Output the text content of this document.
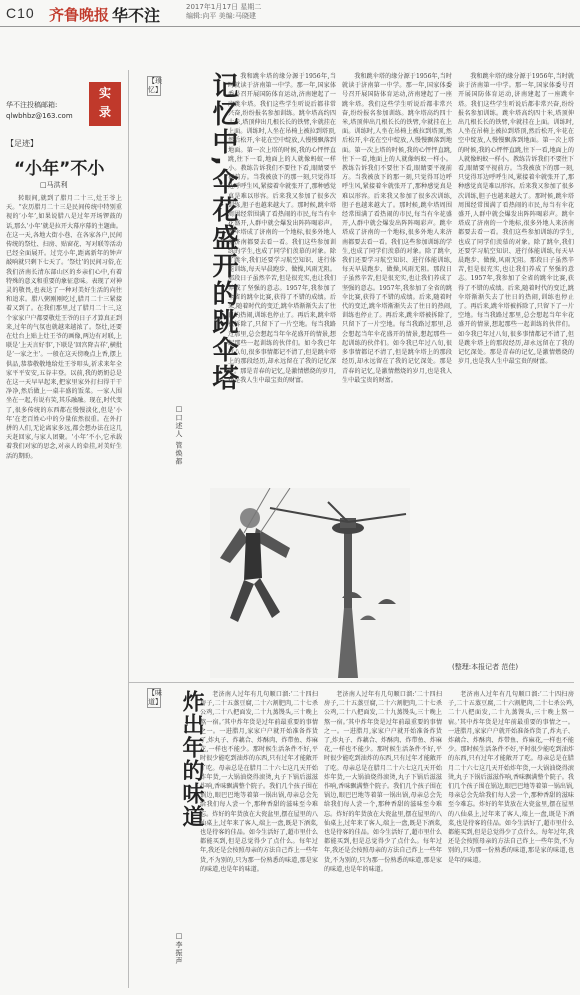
C10 齐鲁晚报 华不注	2017年1月17日 星期二
编辑:向平 美编:马晓建
实录
华不注投稿邮箱:
qlwbhbz@163.com
【足迹】
“小年”不小
□马洪利

转眼间,就到了腊月二十三,灶王爷上天。“农历腊月二十三是民间传统中特别重视的‘小年’,如果说腊八是过年开场锣鼓的话,那么‘小年’就是拉开大幕序幕的主题曲。在这一天,各地大街小巷、在各家各户,民间传统的祭灶、扫房、贴窗花、写对联等活动已经全面展开。过完小年,距离新年的钟声敲响就只剩下七天了。‘祭灶’的民间习俗,在我们济南长清东部山区的乡亲们心中,有着特殊的意义和重要的象征意味。表现了对神灵的敬畏,也表达了一种对美好生活的向往和追求。腊八粥刚刚吃过,腊月二十三紧接着又到了。在我们那里,过了腊月二十三,这个家家户户都要敬灶王爷的日子才算真正到来,过年的气氛也就越来越浓了。祭灶,还要在灶台上贴上灶王爷的画像,两边有对联,上联是‘上天言好事’,下联是‘回宫降吉祥’,横批是‘一家之主’。一般在这天傍晚点上香,摆上供品,恭恭敬敬地给灶王爷叩头,祈求来年全家平平安安,五谷丰登。以前,我的奶奶总是在这一天早早起来,把家里家外打扫得干干净净,然后做上一桌丰盛的饭菜。一家人围坐在一起,有说有笑,其乐融融。现在,时代变了,很多传统的东西都在慢慢淡化,但是‘小年’在老百姓心中的分量依然很重。在外打拼的人们,无论离家多远,都会想办法在这几天赶回家,与家人团聚。‘小年’不小,它承载着我们对家的思念,对亲人的牵挂,对美好生活的期盼。

【琐忆】	记忆中,伞花盛开的跳伞塔
□口述人 管焕都

我和跳伞塔的缘分源于1956年,当时就读于济南第一中学。那一年,国家体委号召开展国防体育运动,济南建起了一座跳伞塔。我们这些学生听说后都非常兴奋,纷纷报名参加训练。跳伞塔高约四十米,塔顶伸出几根长长的铁臂,伞就挂在上面。训练时,人坐在吊椅上被拉到塔顶,然后松开,伞花在空中绽放,人慢慢飘落到地面。第一次上塔的时候,我的心怦怦直跳,往下一看,地面上的人就像蚂蚁一样小。教练告诉我们不要往下看,眼睛要平视前方。当我被放下的那一刻,只觉得耳边呼呼生风,紧接着伞就张开了,那种感觉真是难以形容。后来我又参加了很多次训练,胆子也越来越大了。那时候,跳伞塔周围经常围满了看热闹的市民,每当有伞花盛开,人群中就会爆发出阵阵喝彩声。跳伞塔成了济南的一个地标,很多外地人来济南都要去看一看。我们这些参加训练的学生,也成了同学们羡慕的对象。除了跳伞,我们还要学习航空知识、进行体能训练,每天早晨跑步、做操,风雨无阻。那段日子虽然辛苦,但是很充实,也让我们养成了坚强的意志。1957年,我参加了全省的跳伞比赛,获得了不错的成绩。后来,随着时代的变迁,跳伞塔渐渐失去了往日的热闹,训练也停止了。再后来,跳伞塔被拆除了,只留下了一片空地。每当我路过那里,总会想起当年伞花盛开的情景,想起那些一起训练的伙伴们。如今我已年过八旬,很多事情都记不清了,但是跳伞塔上的那段经历,却永远留在了我的记忆深处。那是青春的记忆,是激情燃烧的岁月,也是我人生中最宝贵的财富。

我和跳伞塔的缘分源于1956年,当时就读于济南第一中学。那一年,国家体委号召开展国防体育运动,济南建起了一座跳伞塔。我们这些学生听说后都非常兴奋,纷纷报名参加训练。跳伞塔高约四十米,塔顶伸出几根长长的铁臂,伞就挂在上面。训练时,人坐在吊椅上被拉到塔顶,然后松开,伞花在空中绽放,人慢慢飘落到地面。第一次上塔的时候,我的心怦怦直跳,往下一看,地面上的人就像蚂蚁一样小。教练告诉我们不要往下看,眼睛要平视前方。当我被放下的那一刻,只觉得耳边呼呼生风,紧接着伞就张开了,那种感觉真是难以形容。后来我又参加了很多次训练,胆子也越来越大了。那时候,跳伞塔周围经常围满了看热闹的市民,每当有伞花盛开,人群中就会爆发出阵阵喝彩声。跳伞塔成了济南的一个地标,很多外地人来济南都要去看一看。我们这些参加训练的学生,也成了同学们羡慕的对象。除了跳伞,我们还要学习航空知识、进行体能训练,每天早晨跑步、做操,风雨无阻。那段日子虽然辛苦,但是很充实,也让我们养成了坚强的意志。1957年,我参加了全省的跳伞比赛,获得了不错的成绩。后来,随着时代的变迁,跳伞塔渐渐失去了往日的热闹,训练也停止了。再后来,跳伞塔被拆除了,只留下了一片空地。每当我路过那里,总会想起当年伞花盛开的情景,想起那些一起训练的伙伴们。如今我已年过八旬,很多事情都记不清了,但是跳伞塔上的那段经历,却永远留在了我的记忆深处。那是青春的记忆,是激情燃烧的岁月,也是我人生中最宝贵的财富。

我和跳伞塔的缘分源于1956年,当时就读于济南第一中学。那一年,国家体委号召开展国防体育运动,济南建起了一座跳伞塔。我们这些学生听说后都非常兴奋,纷纷报名参加训练。跳伞塔高约四十米,塔顶伸出几根长长的铁臂,伞就挂在上面。训练时,人坐在吊椅上被拉到塔顶,然后松开,伞花在空中绽放,人慢慢飘落到地面。第一次上塔的时候,我的心怦怦直跳,往下一看,地面上的人就像蚂蚁一样小。教练告诉我们不要往下看,眼睛要平视前方。当我被放下的那一刻,只觉得耳边呼呼生风,紧接着伞就张开了,那种感觉真是难以形容。后来我又参加了很多次训练,胆子也越来越大了。那时候,跳伞塔周围经常围满了看热闹的市民,每当有伞花盛开,人群中就会爆发出阵阵喝彩声。跳伞塔成了济南的一个地标,很多外地人来济南都要去看一看。我们这些参加训练的学生,也成了同学们羡慕的对象。除了跳伞,我们还要学习航空知识、进行体能训练,每天早晨跑步、做操,风雨无阻。那段日子虽然辛苦,但是很充实,也让我们养成了坚强的意志。1957年,我参加了全省的跳伞比赛,获得了不错的成绩。后来,随着时代的变迁,跳伞塔渐渐失去了往日的热闹,训练也停止了。再后来,跳伞塔被拆除了,只留下了一片空地。每当我路过那里,总会想起当年伞花盛开的情景,想起那些一起训练的伙伴们。如今我已年过八旬,很多事情都记不清了,但是跳伞塔上的那段经历,却永远留在了我的记忆深处。那是青春的记忆,是激情燃烧的岁月,也是我人生中最宝贵的财富。

(整理:本报记者 范佳)
【味道】 炸出年的味道
□李振声

老济南人过年有几句顺口溜:‘二十四扫房子,二十五蒸豆腐,二十六割肥肉,二十七杀公鸡,二十八把面发,二十九蒸馒头,三十晚上熬一宿。’其中炸年货是过年前最重要的事情之一。一进腊月,家家户户就开始准备炸货了,炸丸子、炸藕合、炸酥肉、炸带鱼、炸麻花,一样也不能少。那时候生活条件不好,平时很少能吃到油炸的东西,只有过年才能敞开了吃。母亲总是在腊月二十六七这几天开始炸年货,一大锅油烧得滚烫,丸子下锅后滋滋作响,香味飘满整个院子。我们几个孩子围在锅边,眼巴巴地等着第一锅出锅,母亲总会先给我们每人尝一个,那种香甜的滋味至今难忘。炸好的年货放在大瓷盆里,摆在屋里的八仙桌上,过年来了客人,端上一盘,既是下酒菜,也是待客的佳品。如今生活好了,超市里什么都能买到,但是总觉得少了点什么。每年过年,我还是会按照母亲的方法自己炸上一些年货,不为别的,只为那一份熟悉的味道,那是家的味道,也是年的味道。

老济南人过年有几句顺口溜:‘二十四扫房子,二十五蒸豆腐,二十六割肥肉,二十七杀公鸡,二十八把面发,二十九蒸馒头,三十晚上熬一宿。’其中炸年货是过年前最重要的事情之一。一进腊月,家家户户就开始准备炸货了,炸丸子、炸藕合、炸酥肉、炸带鱼、炸麻花,一样也不能少。那时候生活条件不好,平时很少能吃到油炸的东西,只有过年才能敞开了吃。母亲总是在腊月二十六七这几天开始炸年货,一大锅油烧得滚烫,丸子下锅后滋滋作响,香味飘满整个院子。我们几个孩子围在锅边,眼巴巴地等着第一锅出锅,母亲总会先给我们每人尝一个,那种香甜的滋味至今难忘。炸好的年货放在大瓷盆里,摆在屋里的八仙桌上,过年来了客人,端上一盘,既是下酒菜,也是待客的佳品。如今生活好了,超市里什么都能买到,但是总觉得少了点什么。每年过年,我还是会按照母亲的方法自己炸上一些年货,不为别的,只为那一份熟悉的味道,那是家的味道,也是年的味道。

老济南人过年有几句顺口溜:‘二十四扫房子,二十五蒸豆腐,二十六割肥肉,二十七杀公鸡,二十八把面发,二十九蒸馒头,三十晚上熬一宿。’其中炸年货是过年前最重要的事情之一。一进腊月,家家户户就开始准备炸货了,炸丸子、炸藕合、炸酥肉、炸带鱼、炸麻花,一样也不能少。那时候生活条件不好,平时很少能吃到油炸的东西,只有过年才能敞开了吃。母亲总是在腊月二十六七这几天开始炸年货,一大锅油烧得滚烫,丸子下锅后滋滋作响,香味飘满整个院子。我们几个孩子围在锅边,眼巴巴地等着第一锅出锅,母亲总会先给我们每人尝一个,那种香甜的滋味至今难忘。炸好的年货放在大瓷盆里,摆在屋里的八仙桌上,过年来了客人,端上一盘,既是下酒菜,也是待客的佳品。如今生活好了,超市里什么都能买到,但是总觉得少了点什么。每年过年,我还是会按照母亲的方法自己炸上一些年货,不为别的,只为那一份熟悉的味道,那是家的味道,也是年的味道。
